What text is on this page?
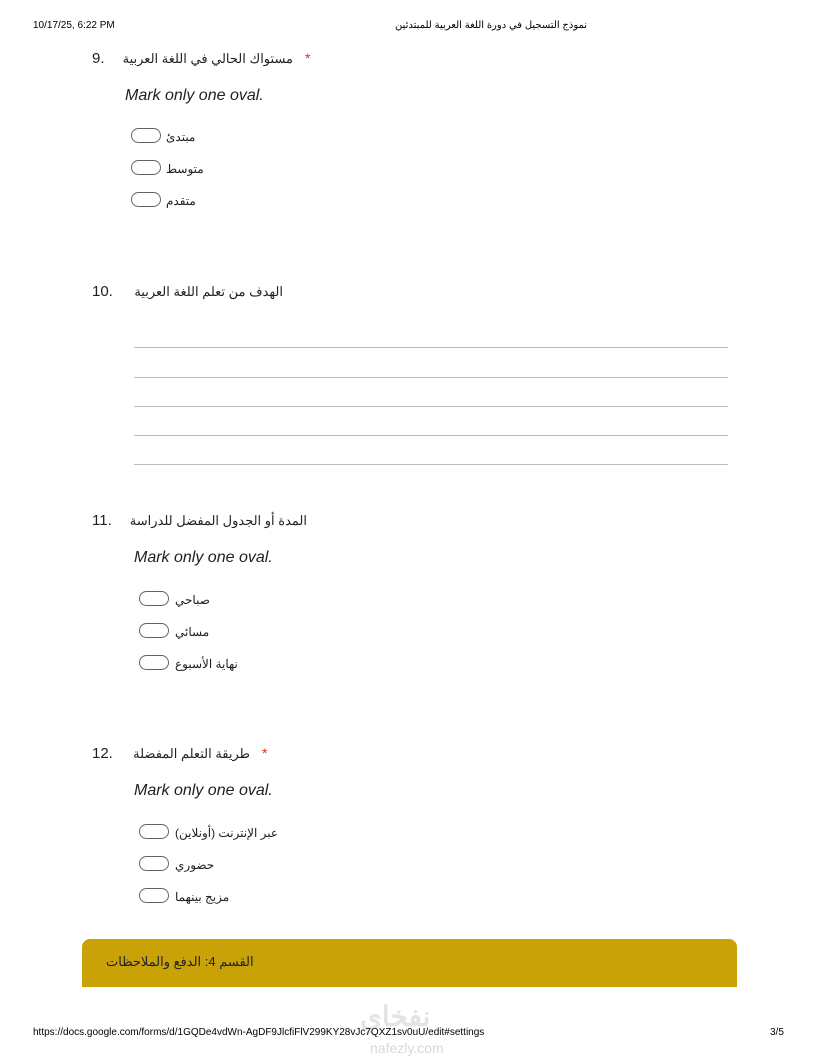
10/17/25, 6:22 PM	نموذج التسجيل في دورة اللغة العربية للمبتدئين
9. مستواك الحالي في اللغة العربية *
Mark only one oval.
مبتدئ
متوسط
متقدم
10. الهدف من تعلم اللغة العربية
11. المدة أو الجدول المفضل للدراسة
Mark only one oval.
صباحي
مسائي
نهاية الأسبوع
12. طريقة التعلم المفضلة *
Mark only one oval.
عبر الإنترنت (أونلاين)
حضوري
مزيج بينهما
القسم 4: الدفع والملاحظات
نفخاي
https://docs.google.com/forms/d/1GQDe4vdWn-AgDF9JlcfiFlV299KY28vJc7QXZ1sv0uU/edit#settings	3/5
nafezly.com
